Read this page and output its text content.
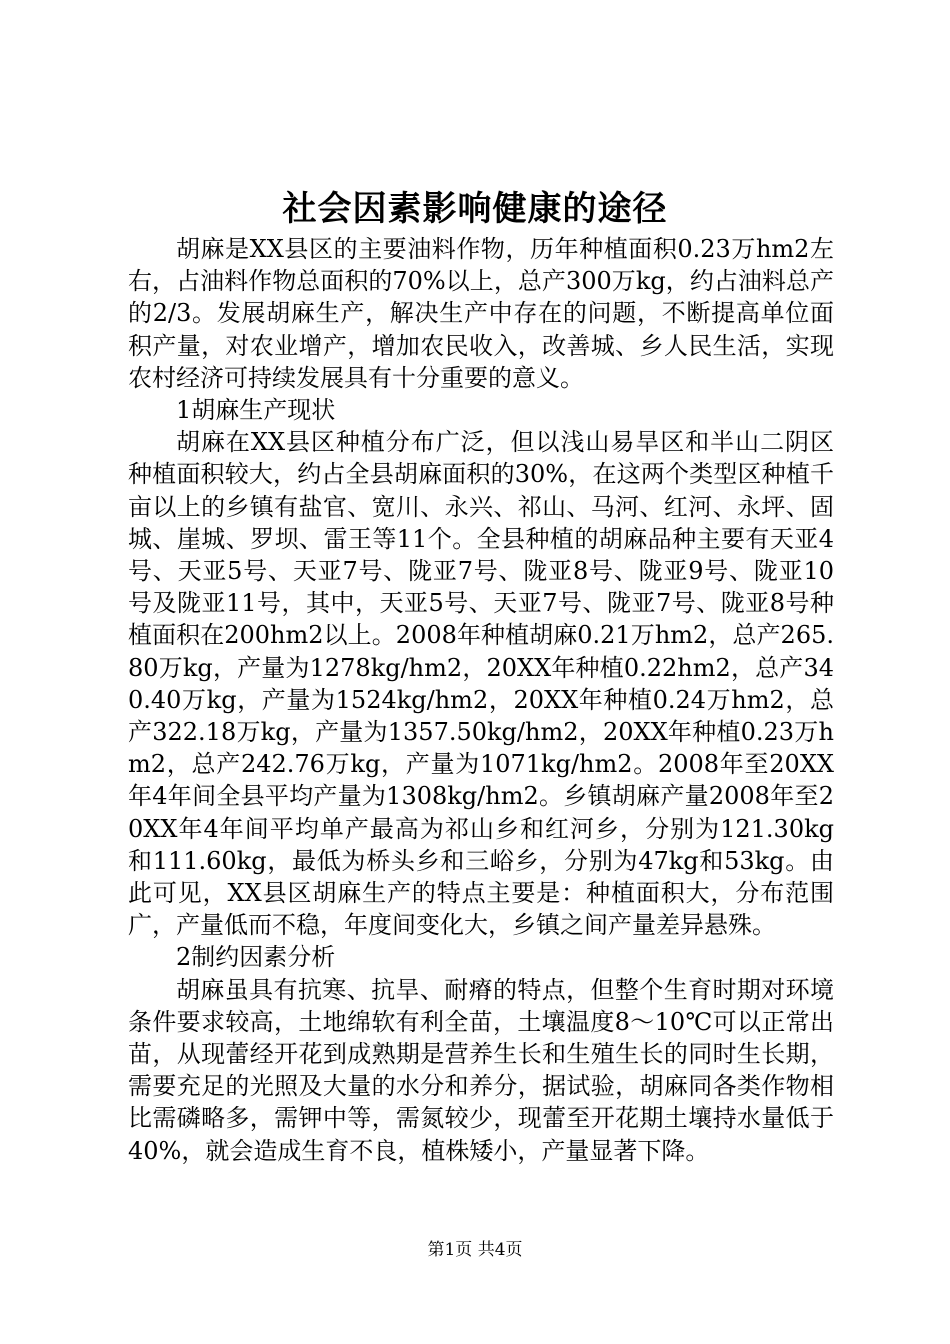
社会因素影响健康的途径

胡麻是XX县区的主要油料作物，历年种植面积0.23万hm2左右，占油料作物总面积的70%以上，总产300万kg，约占油料总产的2/3。发展胡麻生产，解决生产中存在的问题，不断提高单位面积产量，对农业增产，增加农民收入，改善城、乡人民生活，实现农村经济可持续发展具有十分重要的意义。

1胡麻生产现状

胡麻在XX县区种植分布广泛，但以浅山易旱区和半山二阴区种植面积较大，约占全县胡麻面积的30%，在这两个类型区种植千亩以上的乡镇有盐官、宽川、永兴、祁山、马河、红河、永坪、固城、崖城、罗坝、雷王等11个。全县种植的胡麻品种主要有天亚4号、天亚5号、天亚7号、陇亚7号、陇亚8号、陇亚9号、陇亚10号及陇亚11号，其中，天亚5号、天亚7号、陇亚7号、陇亚8号种植面积在200hm2以上。2008年种植胡麻0.21万hm2，总产265.80万kg，产量为1278kg/hm2，20XX年种植0.22hm2，总产340.40万kg，产量为1524kg/hm2，20XX年种植0.24万hm2，总产322.18万kg，产量为1357.50kg/hm2，20XX年种植0.23万hm2，总产242.76万kg，产量为1071kg/hm2。2008年至20XX年4年间全县平均产量为1308kg/hm2。乡镇胡麻产量2008年至20XX年4年间平均单产最高为祁山乡和红河乡，分别为121.30kg和111.60kg，最低为桥头乡和三峪乡，分别为47kg和53kg。由此可见，XX县区胡麻生产的特点主要是：种植面积大，分布范围广，产量低而不稳，年度间变化大，乡镇之间产量差异悬殊。

2制约因素分析

胡麻虽具有抗寒、抗旱、耐瘠的特点，但整个生育时期对环境条件要求较高，土地绵软有利全苗，土壤温度8～10℃可以正常出苗，从现蕾经开花到成熟期是营养生长和生殖生长的同时生长期，需要充足的光照及大量的水分和养分，据试验，胡麻同各类作物相比需磷略多，需钾中等，需氮较少，现蕾至开花期土壤持水量低于40%，就会造成生育不良，植株矮小，产量显著下降。

第1页 共4页
